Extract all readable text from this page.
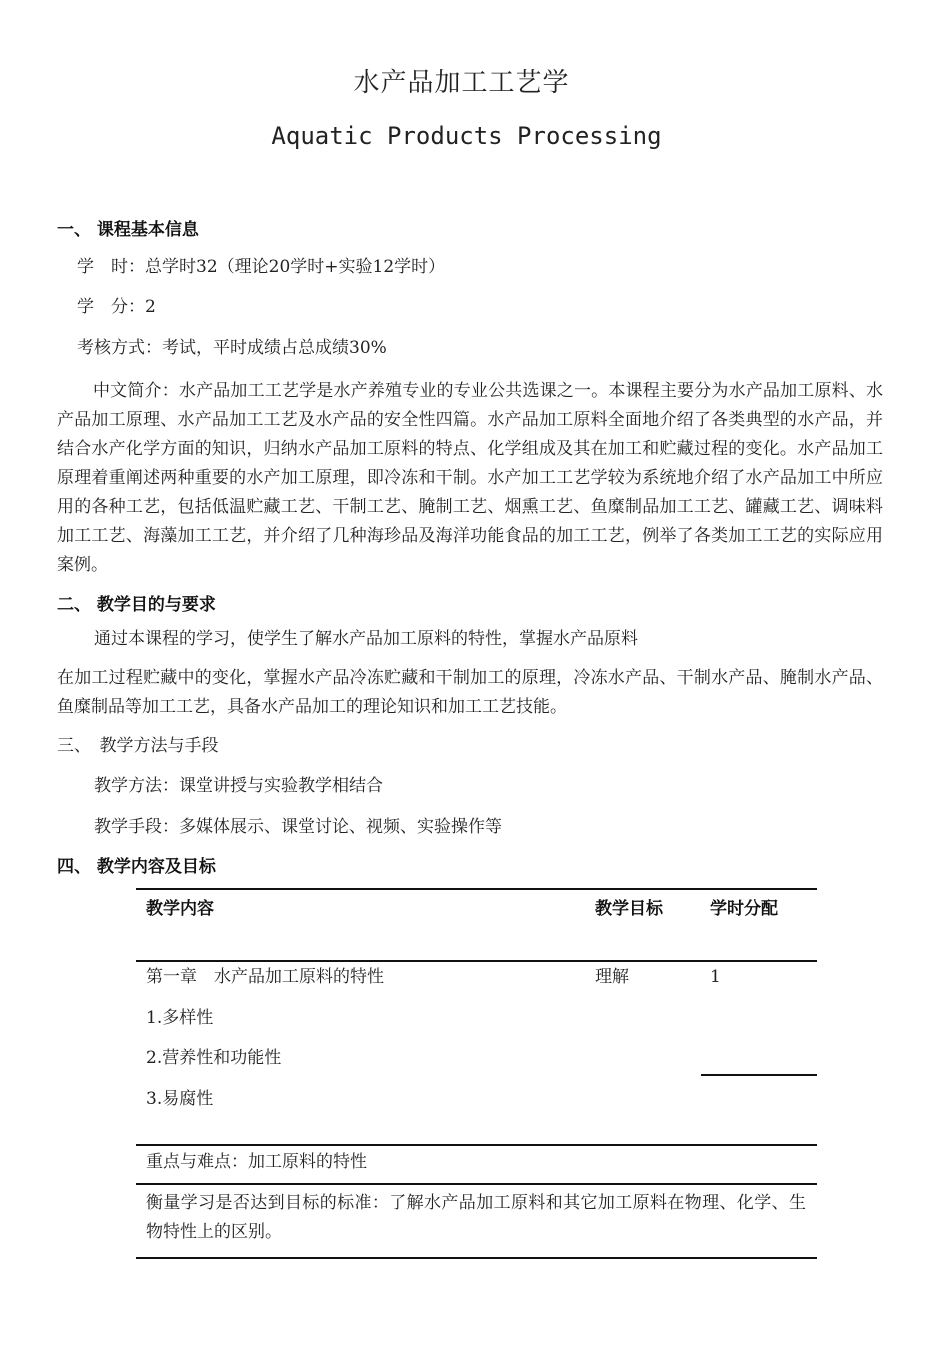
水产品加工工艺学
Aquatic Products Processing
一、 课程基本信息
学　时：总学时32（理论20学时+实验12学时）
学　分：2
考核方式：考试，平时成绩占总成绩30%
中文简介：水产品加工工艺学是水产养殖专业的专业公共选课之一。本课程主要分为水产品加工原料、水产品加工原理、水产品加工工艺及水产品的安全性四篇。水产品加工原料全面地介绍了各类典型的水产品，并结合水产化学方面的知识，归纳水产品加工原料的特点、化学组成及其在加工和贮藏过程的变化。水产品加工原理着重阐述两种重要的水产加工原理，即冷冻和干制。水产加工工艺学较为系统地介绍了水产品加工中所应用的各种工艺，包括低温贮藏工艺、干制工艺、腌制工艺、烟熏工艺、鱼糜制品加工工艺、罐藏工艺、调味料加工工艺、海藻加工工艺，并介绍了几种海珍品及海洋功能食品的加工工艺，例举了各类加工工艺的实际应用案例。
二、 教学目的与要求
通过本课程的学习，使学生了解水产品加工原料的特性，掌握水产品原料
在加工过程贮藏中的变化，掌握水产品冷冻贮藏和干制加工的原理，冷冻水产品、干制水产品、腌制水产品、鱼糜制品等加工工艺，具备水产品加工的理论知识和加工工艺技能。
三、　教学方法与手段
教学方法：课堂讲授与实验教学相结合
教学手段：多媒体展示、课堂讨论、视频、实验操作等
四、 教学内容及目标
教学内容	教学目标	学时分配
第一章　水产品加工原料的特性	理解	1
1.多样性
2.营养性和功能性
3.易腐性
重点与难点：加工原料的特性
衡量学习是否达到目标的标准：了解水产品加工原料和其它加工原料在物理、化学、生物特性上的区别。
